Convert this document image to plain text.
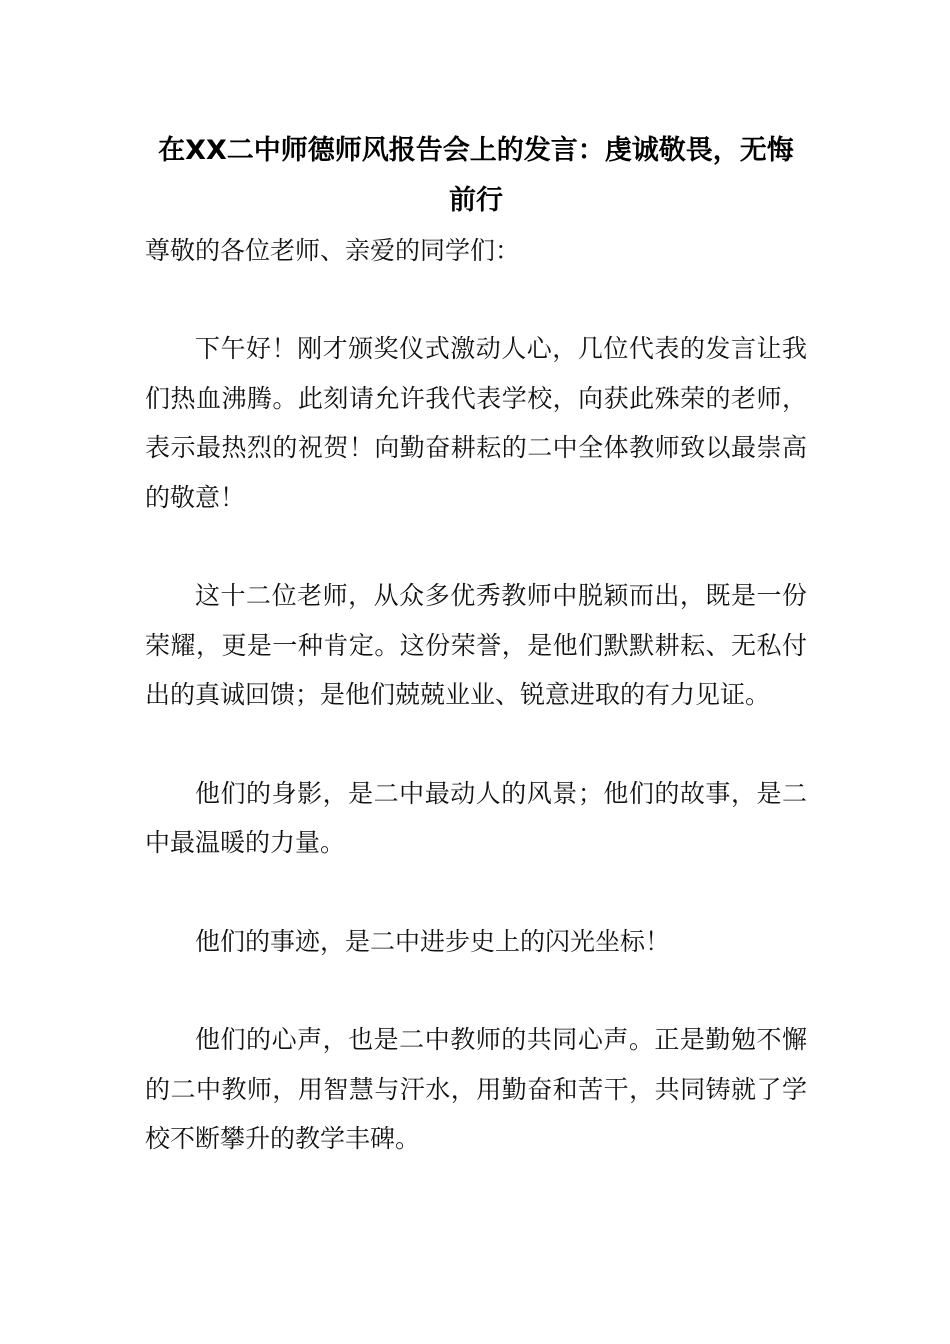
在XX二中师德师风报告会上的发言：虔诚敬畏，无悔前行

尊敬的各位老师、亲爱的同学们：

下午好！刚才颁奖仪式激动人心，几位代表的发言让我们热血沸腾。此刻请允许我代表学校，向获此殊荣的老师，表示最热烈的祝贺！向勤奋耕耘的二中全体教师致以最崇高的敬意！

这十二位老师，从众多优秀教师中脱颖而出，既是一份荣耀，更是一种肯定。这份荣誉，是他们默默耕耘、无私付出的真诚回馈；是他们兢兢业业、锐意进取的有力见证。

他们的身影，是二中最动人的风景；他们的故事，是二中最温暖的力量。

他们的事迹，是二中进步史上的闪光坐标！

他们的心声，也是二中教师的共同心声。正是勤勉不懈的二中教师，用智慧与汗水，用勤奋和苦干，共同铸就了学校不断攀升的教学丰碑。
